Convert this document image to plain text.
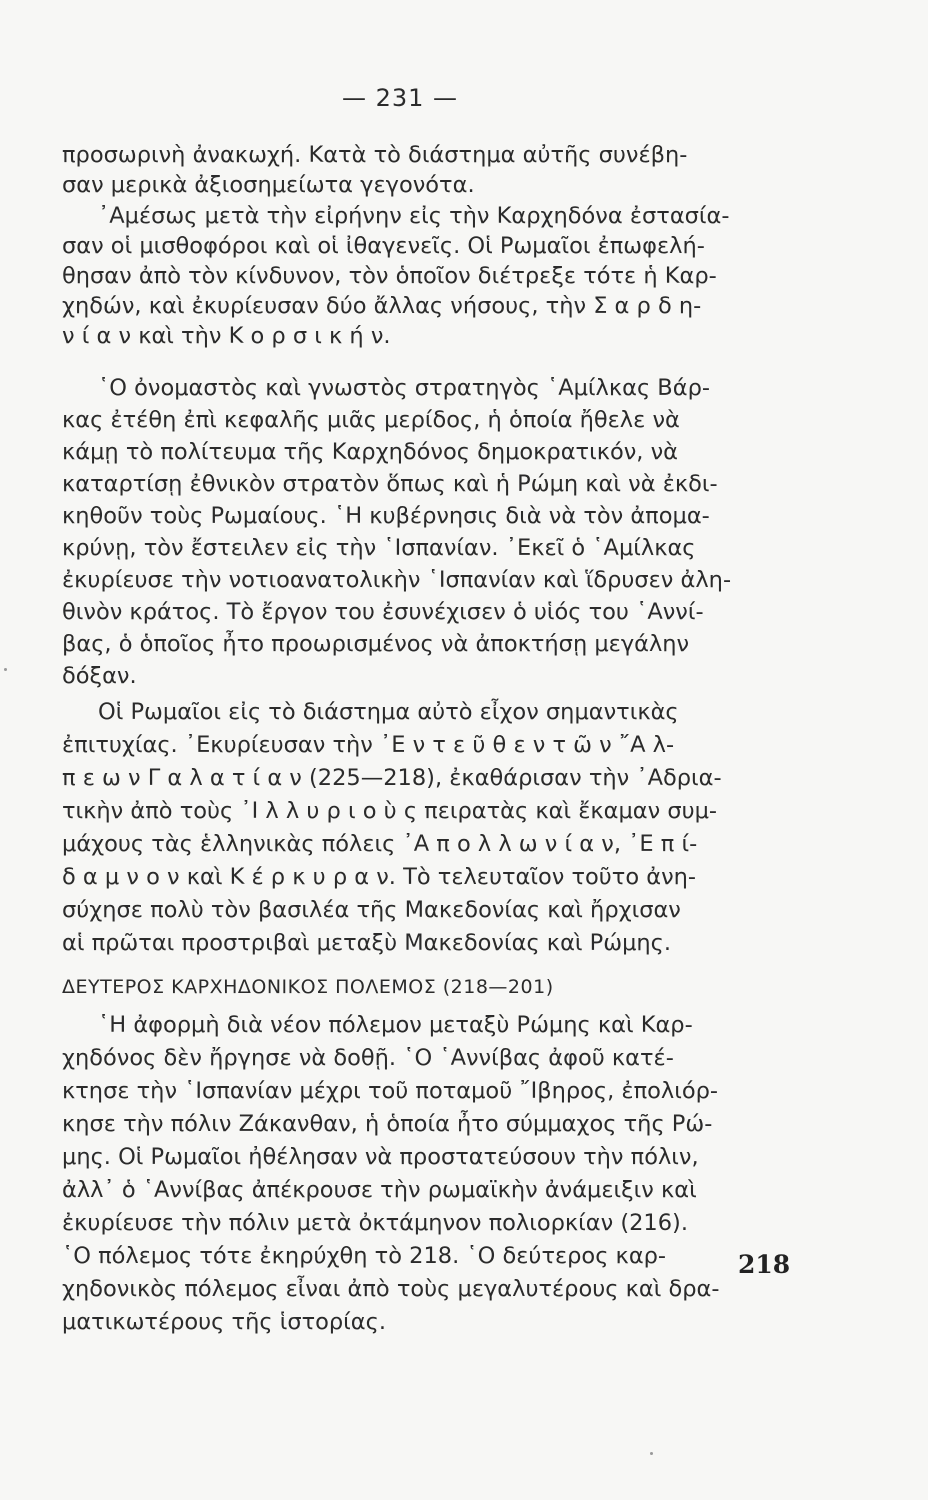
— 231 —
προσωρινὴ ἀνακωχή. Κατὰ τὸ διάστημα αὐτῆς συνέβη-
σαν μερικὰ ἀξιοσημείωτα γεγονότα.
᾿Αμέσως μετὰ τὴν εἰρήνην εἰς τὴν Καρχηδόνα ἐστασία-
σαν οἱ μισθοφόροι καὶ οἱ ἰθαγενεῖς. Οἱ Ρωμαῖοι ἐπωφελή-
θησαν ἀπὸ τὸν κίνδυνον, τὸν ὁποῖον διέτρεξε τότε ἡ Καρ-
χηδών, καὶ ἐκυρίευσαν δύο ἄλλας νήσους, τὴν Σ α ρ δ η-
ν ί α ν καὶ τὴν Κ ο ρ σ ι κ ή ν.
῾Ο ὀνομαστὸς καὶ γνωστὸς στρατηγὸς ῾Αμίλκας Βάρ-
κας ἐτέθη ἐπὶ κεφαλῆς μιᾶς μερίδος, ἡ ὁποία ἤθελε νὰ
κάμῃ τὸ πολίτευμα τῆς Καρχηδόνος δημοκρατικόν, νὰ
καταρτίσῃ ἐθνικὸν στρατὸν ὅπως καὶ ἡ Ρώμη καὶ νὰ ἐκδι-
κηθοῦν τοὺς Ρωμαίους. ῾Η κυβέρνησις διὰ νὰ τὸν ἀπομα-
κρύνῃ, τὸν ἔστειλεν εἰς τὴν ῾Ισπανίαν. ᾿Εκεῖ ὁ ῾Αμίλκας
ἐκυρίευσε τὴν νοτιοανατολικὴν ῾Ισπανίαν καὶ ἵδρυσεν ἀλη-
θινὸν κράτος. Τὸ ἔργον του ἐσυνέχισεν ὁ υἱός του ῾Αννί-
βας, ὁ ὁποῖος ἦτο προωρισμένος νὰ ἀποκτήσῃ μεγάλην
δόξαν.
Οἱ Ρωμαῖοι εἰς τὸ διάστημα αὐτὸ εἶχον σημαντικὰς
ἐπιτυχίας. ᾿Εκυρίευσαν τὴν ᾿Ε ν τ ε ῦ θ ε ν τ ῶ ν ῎Α λ-
π ε ω ν Γ α λ α τ ί α ν (225—218), ἐκαθάρισαν τὴν ᾿Αδρια-
τικὴν ἀπὸ τοὺς ᾿Ι λ λ υ ρ ι ο ὺ ς πειρατὰς καὶ ἔκαμαν συμ-
μάχους τὰς ἑλληνικὰς πόλεις ᾿Α π ο λ λ ω ν ί α ν, ᾿Ε π ί-
δ α μ ν ο ν καὶ Κ έ ρ κ υ ρ α ν. Τὸ τελευταῖον τοῦτο ἀνη-
σύχησε πολὺ τὸν βασιλέα τῆς Μακεδονίας καὶ ἤρχισαν
αἱ πρῶται προστριβαὶ μεταξὺ Μακεδονίας καὶ Ρώμης.
῾Η ἀφορμὴ διὰ νέον πόλεμον μεταξὺ Ρώμης καὶ Καρ-
χηδόνος δὲν ἤργησε νὰ δοθῇ. ῾Ο ῾Αννίβας ἀφοῦ κατέ-
κτησε τὴν ῾Ισπανίαν μέχρι τοῦ ποταμοῦ ῎Ιβηρος, ἐπολιόρ-
κησε τὴν πόλιν Ζάκανθαν, ἡ ὁποία ἦτο σύμμαχος τῆς Ρώ-
μης. Οἱ Ρωμαῖοι ἠθέλησαν νὰ προστατεύσουν τὴν πόλιν,
ἀλλ᾿ ὁ ῾Αννίβας ἀπέκρουσε τὴν ρωμαϊκὴν ἀνάμειξιν καὶ
ἐκυρίευσε τὴν πόλιν μετὰ ὀκτάμηνον πολιορκίαν (216).
῾Ο πόλεμος τότε ἐκηρύχθη τὸ 218. ῾Ο δεύτερος καρ-
χηδονικὸς πόλεμος εἶναι ἀπὸ τοὺς μεγαλυτέρους καὶ δρα-
ματικωτέρους τῆς ἱστορίας.
ΔΕΥΤΕΡΟΣ ΚΑΡΧΗΔΟΝΙΚΟΣ ΠΟΛΕΜΟΣ (218—201)
218
